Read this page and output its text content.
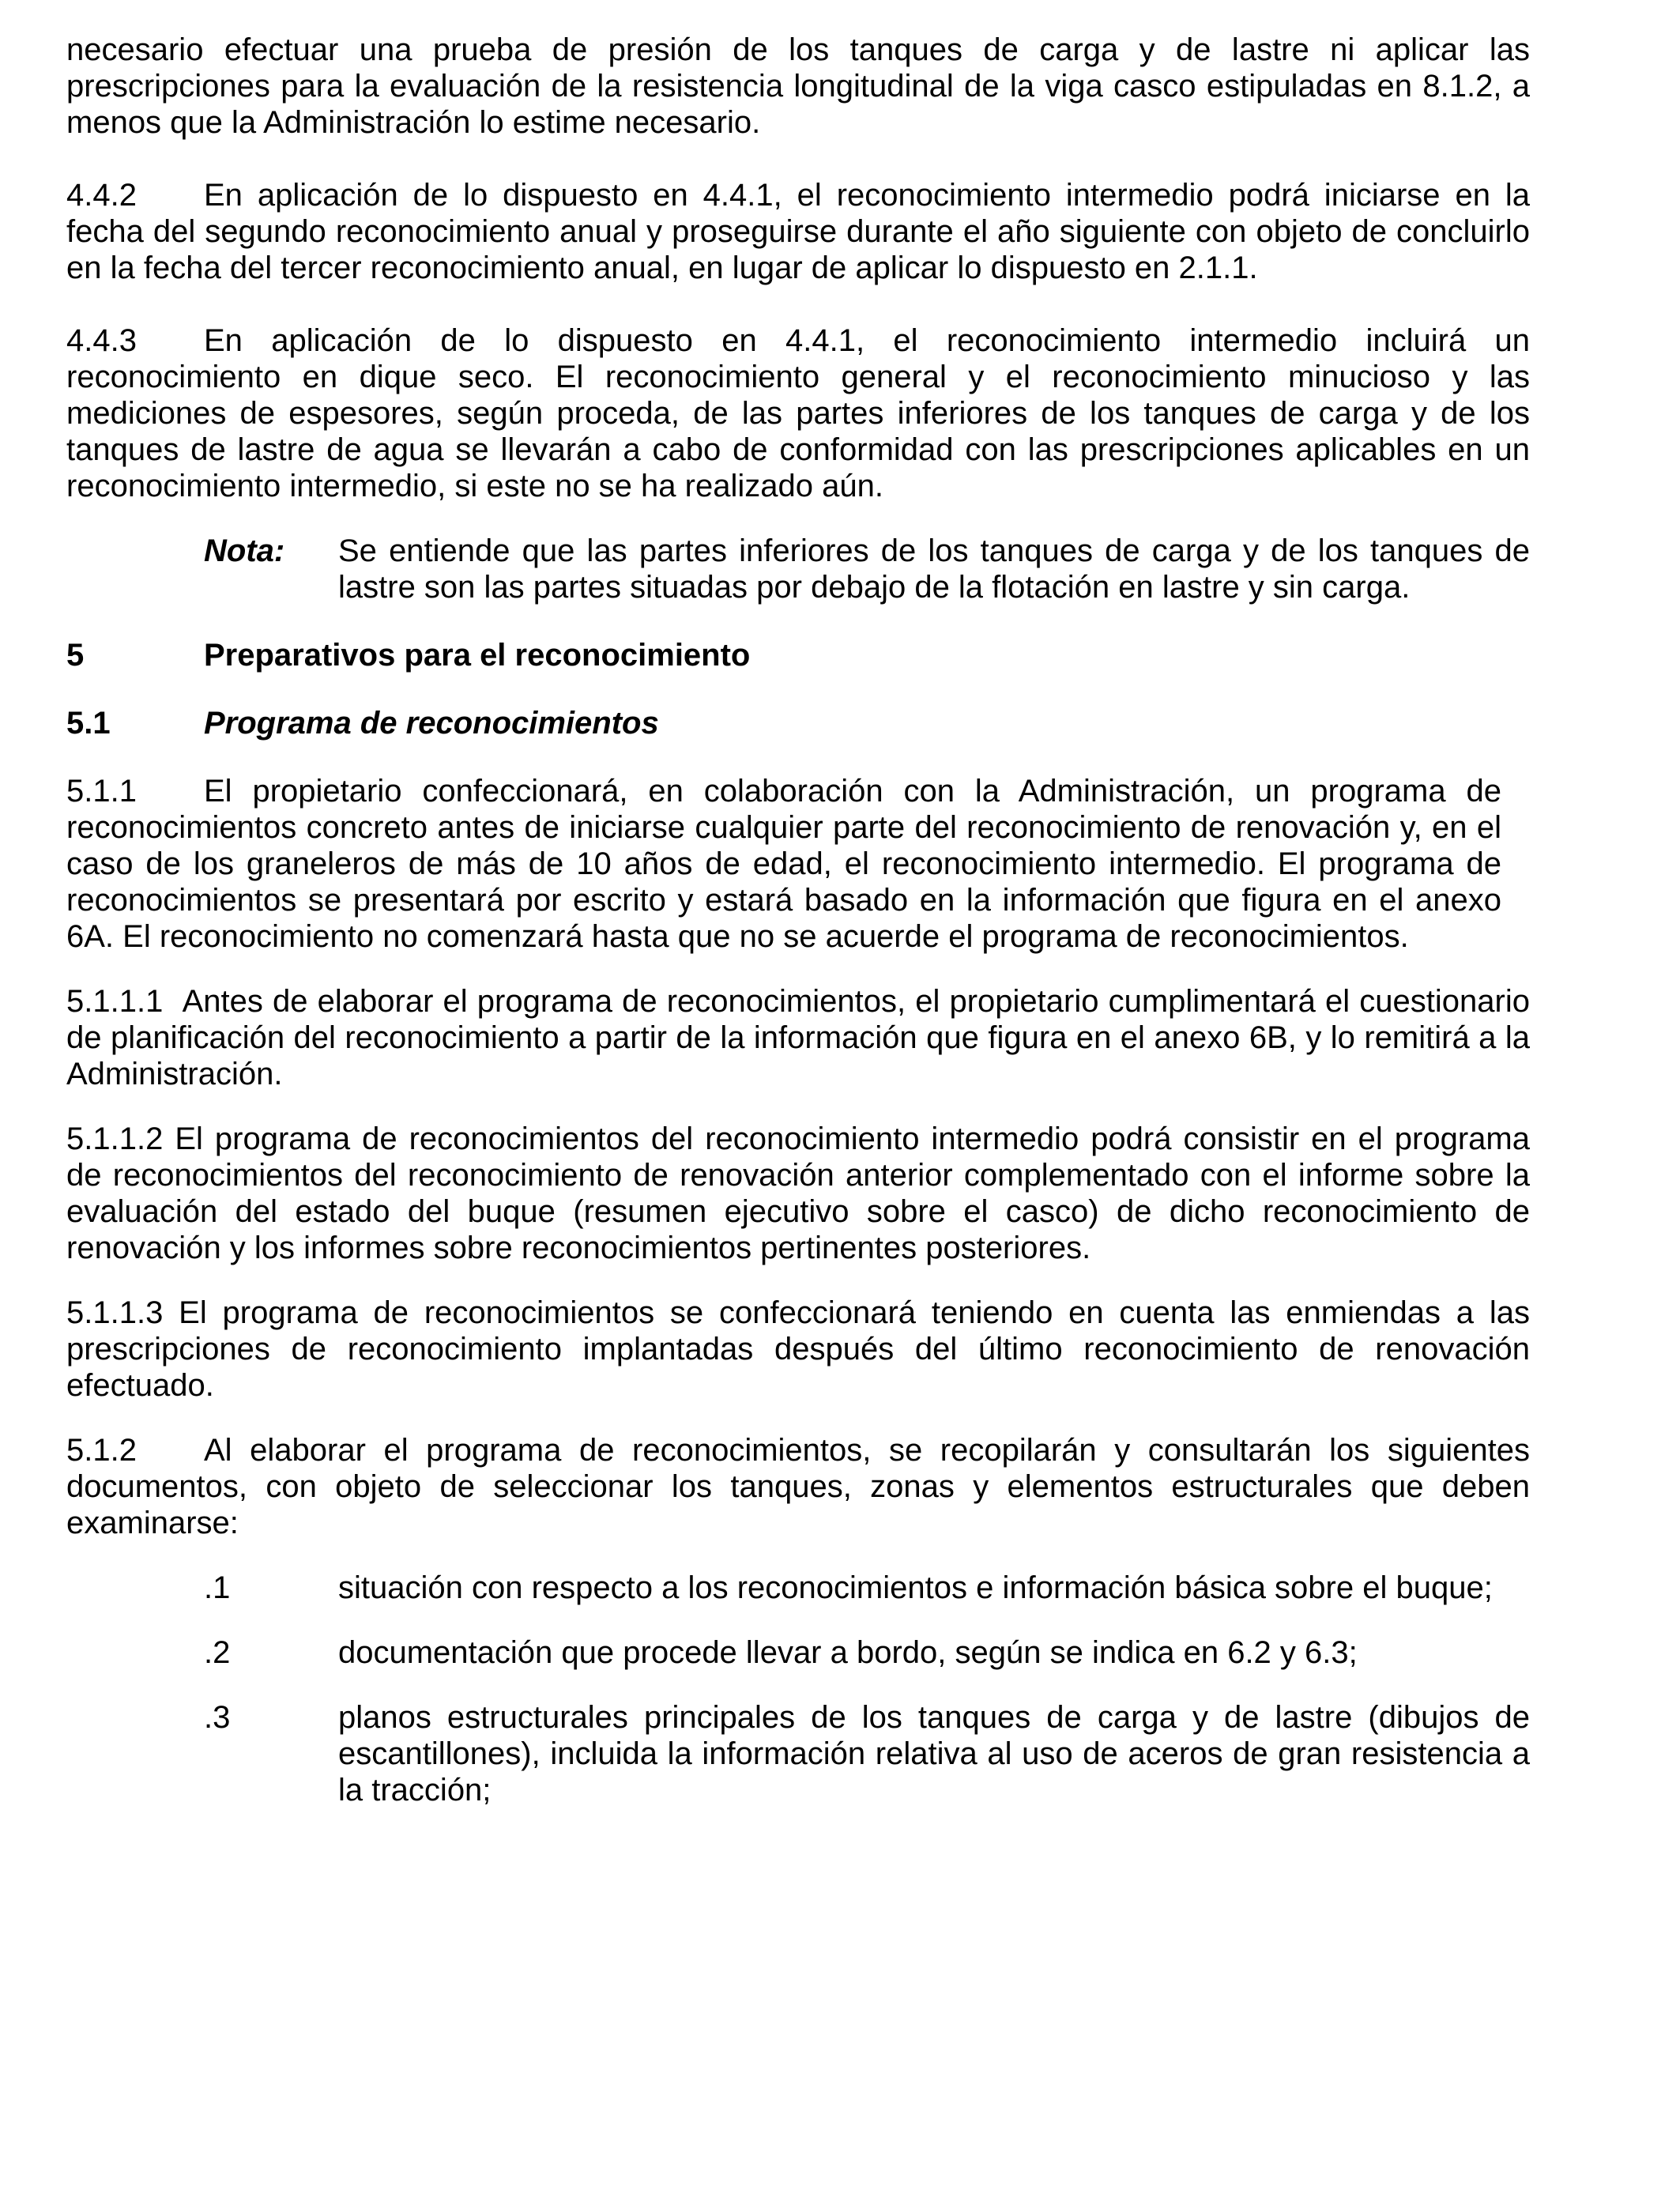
necesario efectuar una prueba de presión de los tanques de carga y de lastre ni aplicar las prescripciones para la evaluación de la resistencia longitudinal de la viga casco estipuladas en 8.1.2, a menos que la Administración lo estime necesario.

4.4.2 En aplicación de lo dispuesto en 4.4.1, el reconocimiento intermedio podrá iniciarse en la fecha del segundo reconocimiento anual y proseguirse durante el año siguiente con objeto de concluirlo en la fecha del tercer reconocimiento anual, en lugar de aplicar lo dispuesto en 2.1.1.

4.4.3 En aplicación de lo dispuesto en 4.4.1, el reconocimiento intermedio incluirá un reconocimiento en dique seco. El reconocimiento general y el reconocimiento minucioso y las mediciones de espesores, según proceda, de las partes inferiores de los tanques de carga y de los tanques de lastre de agua se llevarán a cabo de conformidad con las prescripciones aplicables en un reconocimiento intermedio, si este no se ha realizado aún.

Nota:	Se entiende que las partes inferiores de los tanques de carga y de los tanques de lastre son las partes situadas por debajo de la flotación en lastre y sin carga.
5	Preparativos para el reconocimiento
5.1	Programa de reconocimientos

5.1.1 El propietario confeccionará, en colaboración con la Administración, un programa de reconocimientos concreto antes de iniciarse cualquier parte del reconocimiento de renovación y, en el caso de los graneleros de más de 10 años de edad, el reconocimiento intermedio. El programa de reconocimientos se presentará por escrito y estará basado en la información que figura en el anexo 6A. El reconocimiento no comenzará hasta que no se acuerde el programa de reconocimientos.

5.1.1.1 Antes de elaborar el programa de reconocimientos, el propietario cumplimentará el cuestionario de planificación del reconocimiento a partir de la información que figura en el anexo 6B, y lo remitirá a la Administración.

5.1.1.2 El programa de reconocimientos del reconocimiento intermedio podrá consistir en el programa de reconocimientos del reconocimiento de renovación anterior complementado con el informe sobre la evaluación del estado del buque (resumen ejecutivo sobre el casco) de dicho reconocimiento de renovación y los informes sobre reconocimientos pertinentes posteriores.

5.1.1.3 El programa de reconocimientos se confeccionará teniendo en cuenta las enmiendas a las prescripciones de reconocimiento implantadas después del último reconocimiento de renovación efectuado.

5.1.2 Al elaborar el programa de reconocimientos, se recopilarán y consultarán los siguientes documentos, con objeto de seleccionar los tanques, zonas y elementos estructurales que deben examinarse:

.1	situación con respecto a los reconocimientos e información básica sobre el buque;
.2	documentación que procede llevar a bordo, según se indica en 6.2 y 6.3;
.3	planos estructurales principales de los tanques de carga y de lastre (dibujos de escantillones), incluida la información relativa al uso de aceros de gran resistencia a la tracción;
